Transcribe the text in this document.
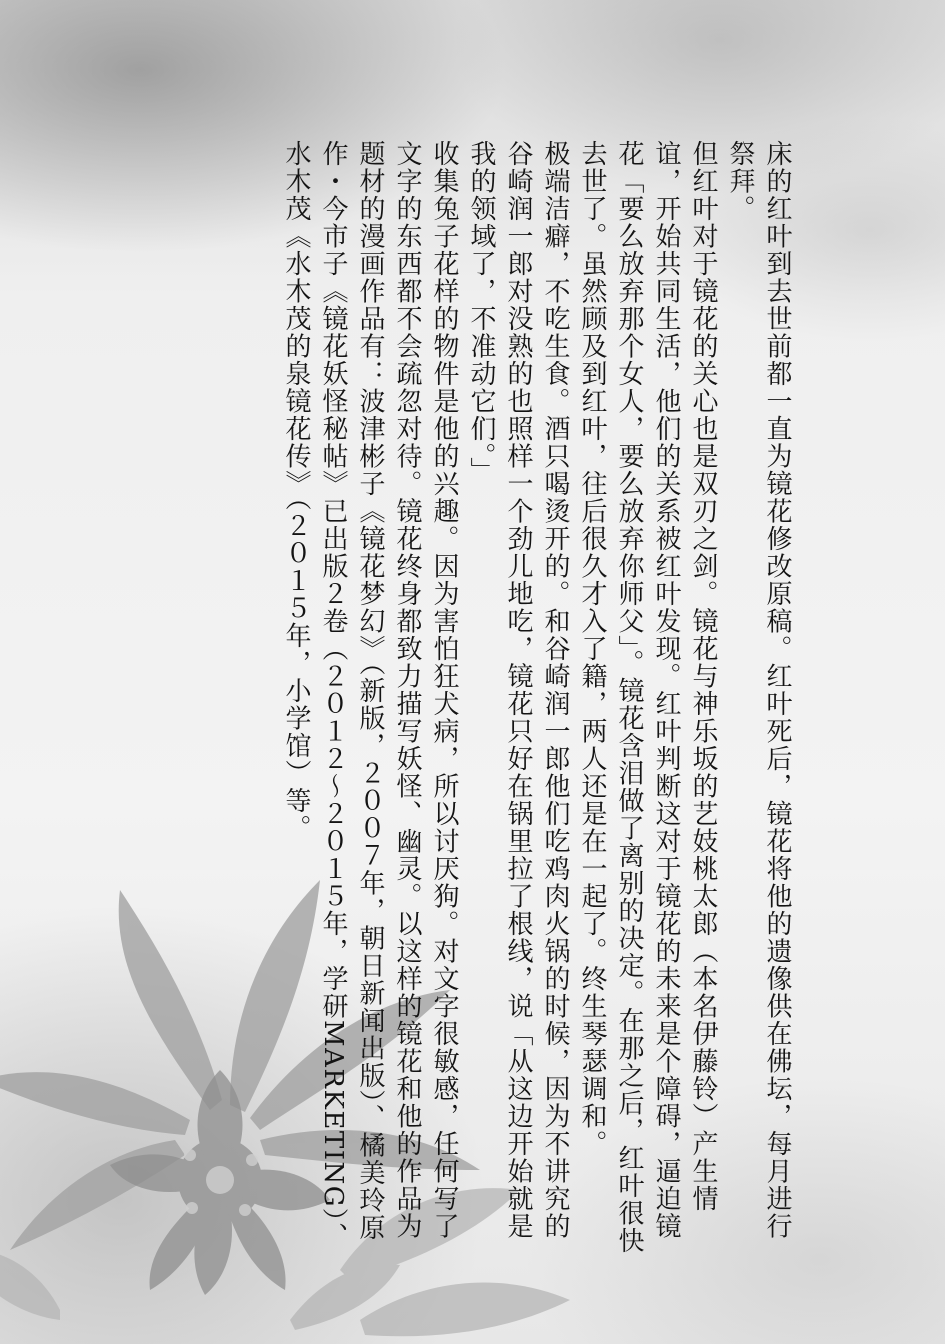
床的红叶到去世前都一直为镜花修改原稿。红叶死后，镜花将他的遗像供在佛坛，每月进行祭拜。

但红叶对于镜花的关心也是双刃之剑。镜花与神乐坂的艺妓桃太郎（本名伊藤铃）产生情谊，开始共同生活，他们的关系被红叶发现。红叶判断这对于镜花的未来是个障碍，逼迫镜花「要么放弃那个女人，要么放弃你师父」。镜花含泪做了离别的决定。在那之后，红叶很快去世了。虽然顾及到红叶，往后很久才入了籍，两人还是在一起了。终生琴瑟调和。

极端洁癖，不吃生食。酒只喝烫开的。和谷崎润一郎他们吃鸡肉火锅的时候，因为不讲究的谷崎润一郎对没熟的也照样一个劲儿地吃，镜花只好在锅里拉了根线，说「从这边开始就是我的领域了，不准动它们。」

收集兔子花样的物件是他的兴趣。因为害怕狂犬病，所以讨厌狗。对文字很敏感，任何写了文字的东西都不会疏忽对待。镜花终身都致力描写妖怪、幽灵。以这样的镜花和他的作品为题材的漫画作品有：波津彬子《镜花梦幻》（新版，２００７年，朝日新闻出版）、橘美玲原作・今市子《镜花妖怪秘帖》已出版２卷（２０１２～２０１５年，学研MARKETING）、水木茂《水木茂的泉镜花传》（２０１５年，小学馆）等。
